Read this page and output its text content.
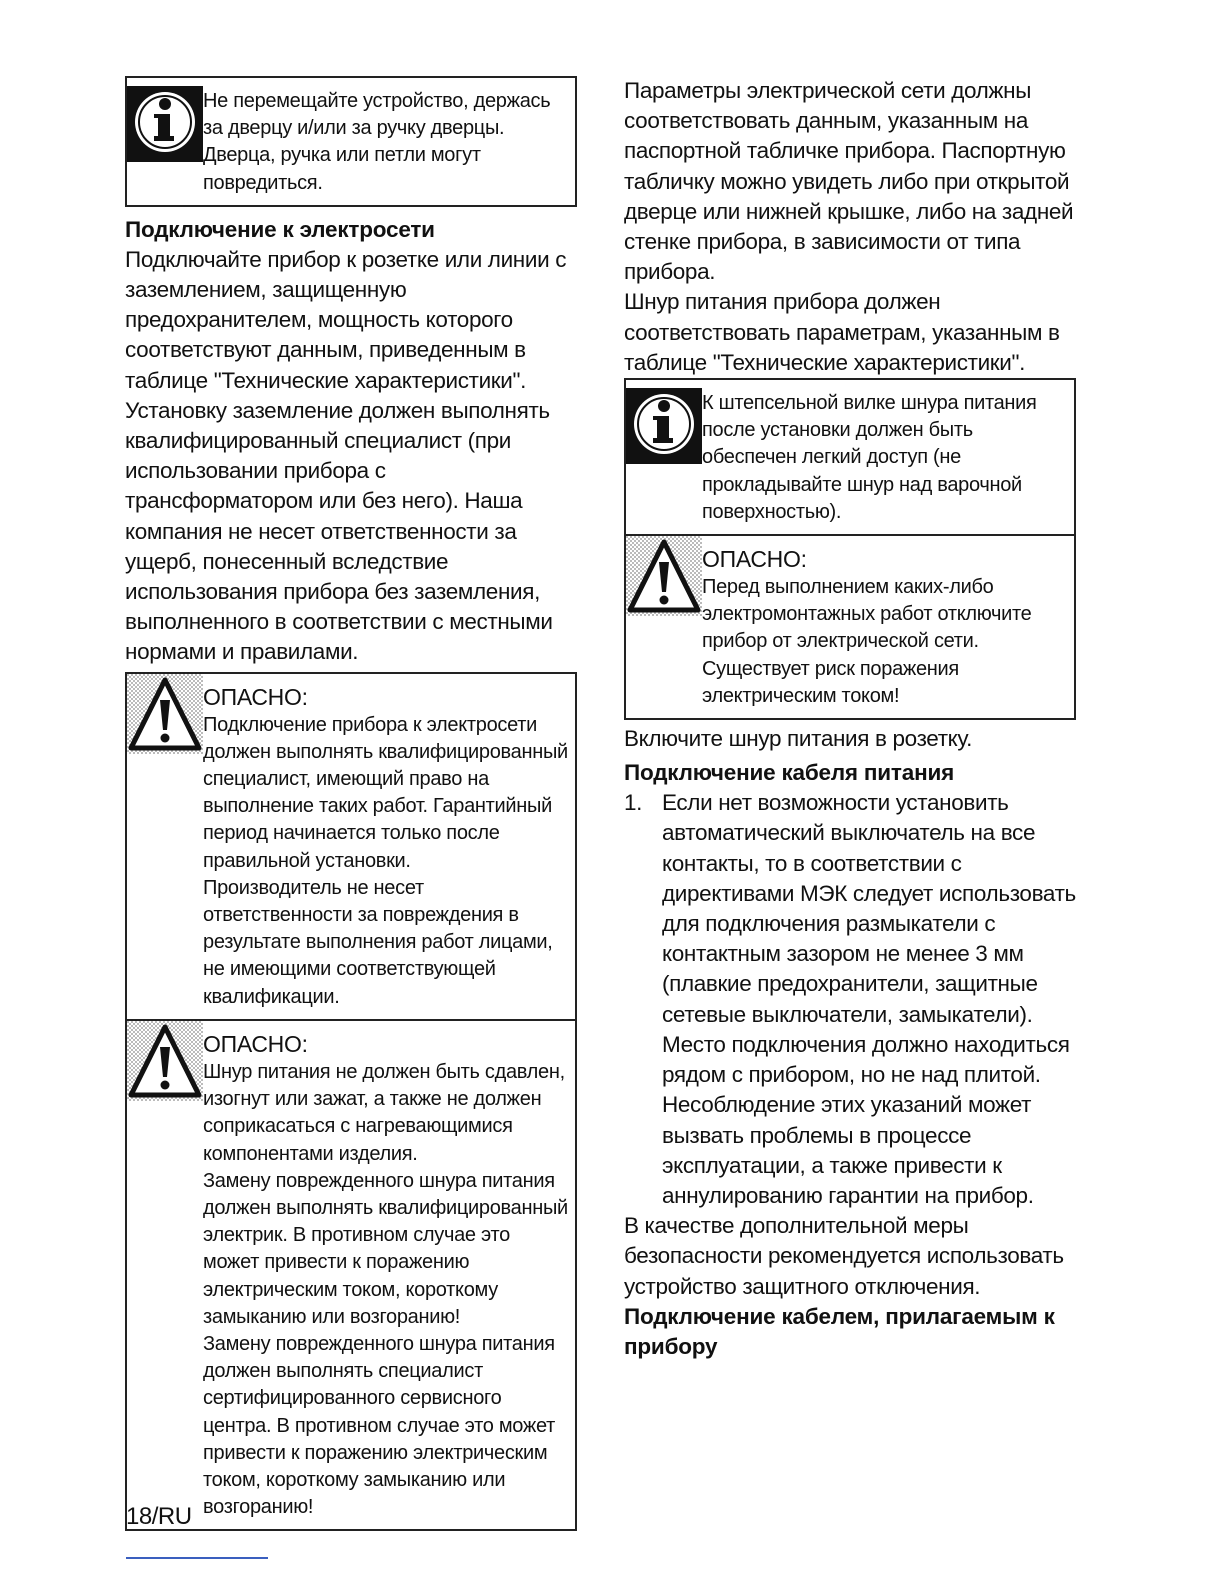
Не перемещайте устройство, держась за дверцу и/или за ручку дверцы. Дверца, ручка или петли могут повредиться.
Подключение к электросети

Подключайте прибор к розетке или линии с заземлением, защищенную предохранителем, мощность которого соответствуют данным, приведенным в таблице "Технические характеристики". Установку заземление должен выполнять квалифицированный специалист (при использовании прибора с трансформатором или без него). Наша компания не несет ответственности за ущерб, понесенный вследствие использования прибора без заземления, выполненного в соответствии с местными нормами и правилами.

ОПАСНО:
Подключение прибора к электросети должен выполнять квалифицированный специалист, имеющий право на выполнение таких работ. Гарантийный период начинается только после правильной установки.
Производитель не несет ответственности за повреждения в результате выполнения работ лицами, не имеющими соответствующей квалификации.
ОПАСНО:
Шнур питания не должен быть сдавлен, изогнут или зажат, а также не должен соприкасаться с нагревающимися компонентами изделия.
Замену поврежденного шнура питания должен выполнять квалифицированный электрик. В противном случае это может привести к поражению электрическим током, короткому замыканию или возгоранию!
Замену поврежденного шнура питания должен выполнять специалист сертифицированного сервисного центра. В противном случае это может привести к поражению электрическим током, короткому замыканию или возгоранию!

Параметры электрической сети должны соответствовать данным, указанным на паспортной табличке прибора. Паспортную табличку можно увидеть либо при открытой дверце или нижней крышке, либо на задней стенке прибора, в зависимости от типа прибора.

Шнур питания прибора должен соответствовать параметрам, указанным в таблице "Технические характеристики".

К штепсельной вилке шнура питания после установки должен быть обеспечен легкий доступ (не прокладывайте шнур над варочной поверхностью).
ОПАСНО:
Перед выполнением каких-либо электромонтажных работ отключите прибор от электрической сети.
Существует риск поражения электрическим током!

Включите шнур питания в розетку.

Подключение кабеля питания
1. Если нет возможности установить автоматический выключатель на все контакты, то в соответствии с директивами МЭК следует использовать для подключения размыкатели с контактным зазором не менее 3 мм (плавкие предохранители, защитные сетевые выключатели, замыкатели). Место подключения должно находиться рядом с прибором, но не над плитой. Несоблюдение этих указаний может вызвать проблемы в процессе эксплуатации, а также привести к аннулированию гарантии на прибор.

В качестве дополнительной меры безопасности рекомендуется использовать устройство защитного отключения.

Подключение кабелем, прилагаемым к прибору
18/RU
